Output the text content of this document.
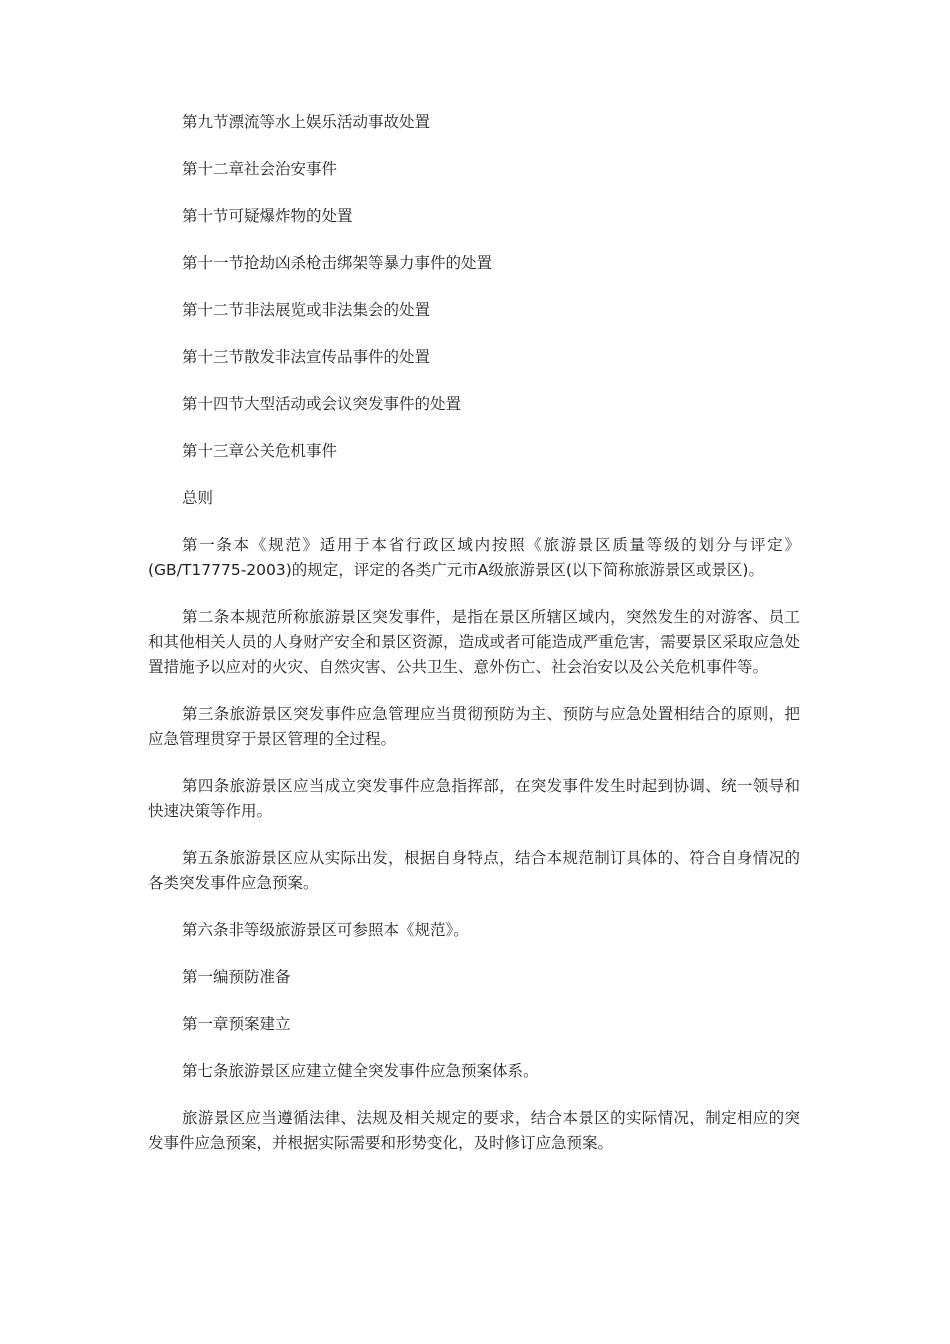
第九节漂流等水上娱乐活动事故处置

第十二章社会治安事件

第十节可疑爆炸物的处置

第十一节抢劫凶杀枪击绑架等暴力事件的处置

第十二节非法展览或非法集会的处置

第十三节散发非法宣传品事件的处置

第十四节大型活动或会议突发事件的处置

第十三章公关危机事件

总则

第一条本《规范》适用于本省行政区域内按照《旅游景区质量等级的划分与评定》(GB/T17775-2003)的规定，评定的各类广元市A级旅游景区(以下简称旅游景区或景区)。

第二条本规范所称旅游景区突发事件，是指在景区所辖区域内，突然发生的对游客、员工和其他相关人员的人身财产安全和景区资源，造成或者可能造成严重危害，需要景区采取应急处置措施予以应对的火灾、自然灾害、公共卫生、意外伤亡、社会治安以及公关危机事件等。

第三条旅游景区突发事件应急管理应当贯彻预防为主、预防与应急处置相结合的原则，把应急管理贯穿于景区管理的全过程。

第四条旅游景区应当成立突发事件应急指挥部，在突发事件发生时起到协调、统一领导和快速决策等作用。

第五条旅游景区应从实际出发，根据自身特点，结合本规范制订具体的、符合自身情况的各类突发事件应急预案。

第六条非等级旅游景区可参照本《规范》。

第一编预防准备

第一章预案建立

第七条旅游景区应建立健全突发事件应急预案体系。

旅游景区应当遵循法律、法规及相关规定的要求，结合本景区的实际情况，制定相应的突发事件应急预案，并根据实际需要和形势变化，及时修订应急预案。
